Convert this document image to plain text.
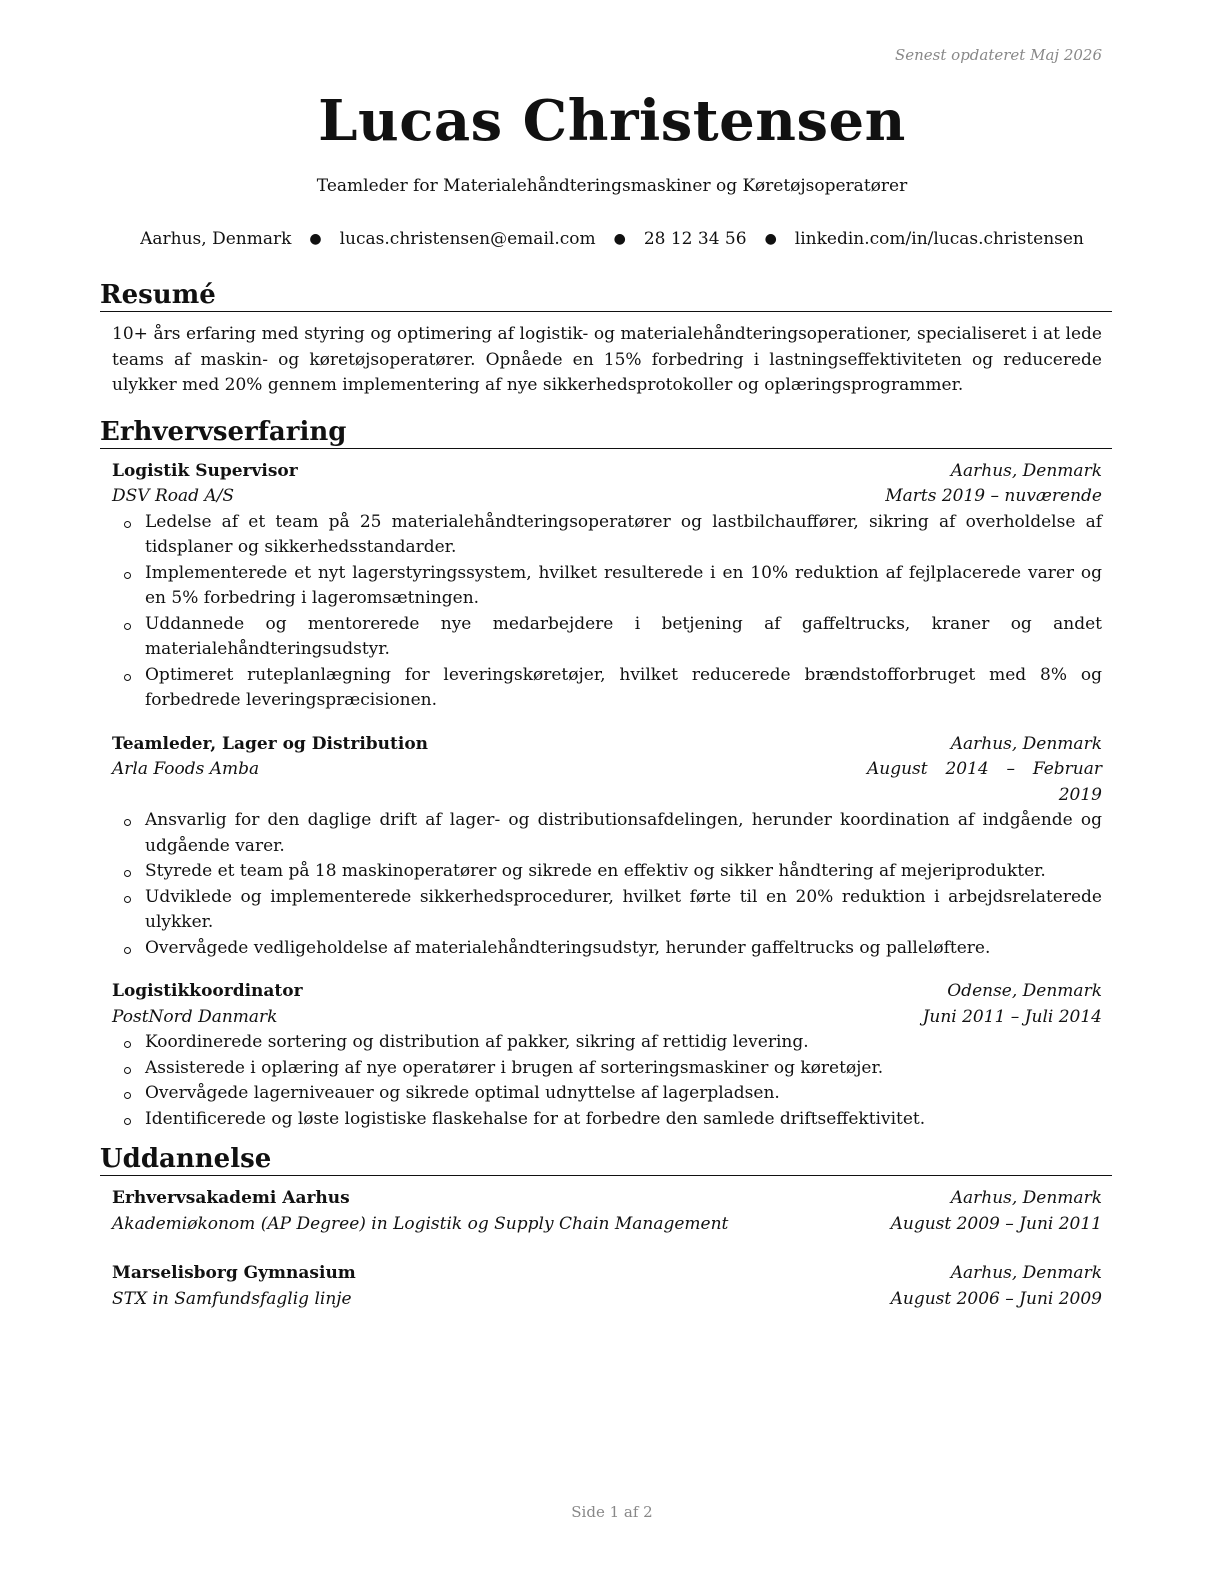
Senest opdateret Maj 2026
Lucas Christensen
Teamleder for Materialehåndteringsmaskiner og Køretøjsoperatører
Aarhus, Denmark ● lucas.christensen@email.com ● 28 12 34 56 ● linkedin.com/in/lucas.christensen
Resumé
10+ års erfaring med styring og optimering af logistik- og materialehåndteringsoperationer, specialiseret i at lede teams af maskin- og køretøjsoperatører. Opnåede en 15% forbedring i lastningseffektiviteten og reducerede ulykker med 20% gennem implementering af nye sikkerhedsprotokoller og oplæringsprogrammer.
Erhvervserfaring
Logistik Supervisor	Aarhus, Denmark
DSV Road A/S	Marts 2019 – nuværende
Ledelse af et team på 25 materialehåndteringsoperatører og lastbilchauffører, sikring af overholdelse af tidsplaner og sikkerhedsstandarder.
Implementerede et nyt lagerstyringssystem, hvilket resulterede i en 10% reduktion af fejlplacerede varer og en 5% forbedring i lageromsætningen.
Uddannede og mentorerede nye medarbejdere i betjening af gaffeltrucks, kraner og andet materialehåndteringsudstyr.
Optimeret ruteplanlægning for leveringskøretøjer, hvilket reducerede brændstofforbruget med 8% og forbedrede leveringspræcisionen.
Teamleder, Lager og Distribution	Aarhus, Denmark
Arla Foods Amba	August 2014 – Februar 2019
Ansvarlig for den daglige drift af lager- og distributionsafdelingen, herunder koordination af indgående og udgående varer.
Styrede et team på 18 maskinoperatører og sikrede en effektiv og sikker håndtering af mejeriprodukter.
Udviklede og implementerede sikkerhedsprocedurer, hvilket førte til en 20% reduktion i arbejdsrelaterede ulykker.
Overvågede vedligeholdelse af materialehåndteringsudstyr, herunder gaffeltrucks og palleløftere.
Logistikkoordinator	Odense, Denmark
PostNord Danmark	Juni 2011 – Juli 2014
Koordinerede sortering og distribution af pakker, sikring af rettidig levering.
Assisterede i oplæring af nye operatører i brugen af sorteringsmaskiner og køretøjer.
Overvågede lagerniveauer og sikrede optimal udnyttelse af lagerpladsen.
Identificerede og løste logistiske flaskehalse for at forbedre den samlede driftseffektivitet.
Uddannelse
Erhvervsakademi Aarhus	Aarhus, Denmark
Akademiøkonom (AP Degree) in Logistik og Supply Chain Management	August 2009 – Juni 2011
Marselisborg Gymnasium	Aarhus, Denmark
STX in Samfundsfaglig linje	August 2006 – Juni 2009
Side 1 af 2
